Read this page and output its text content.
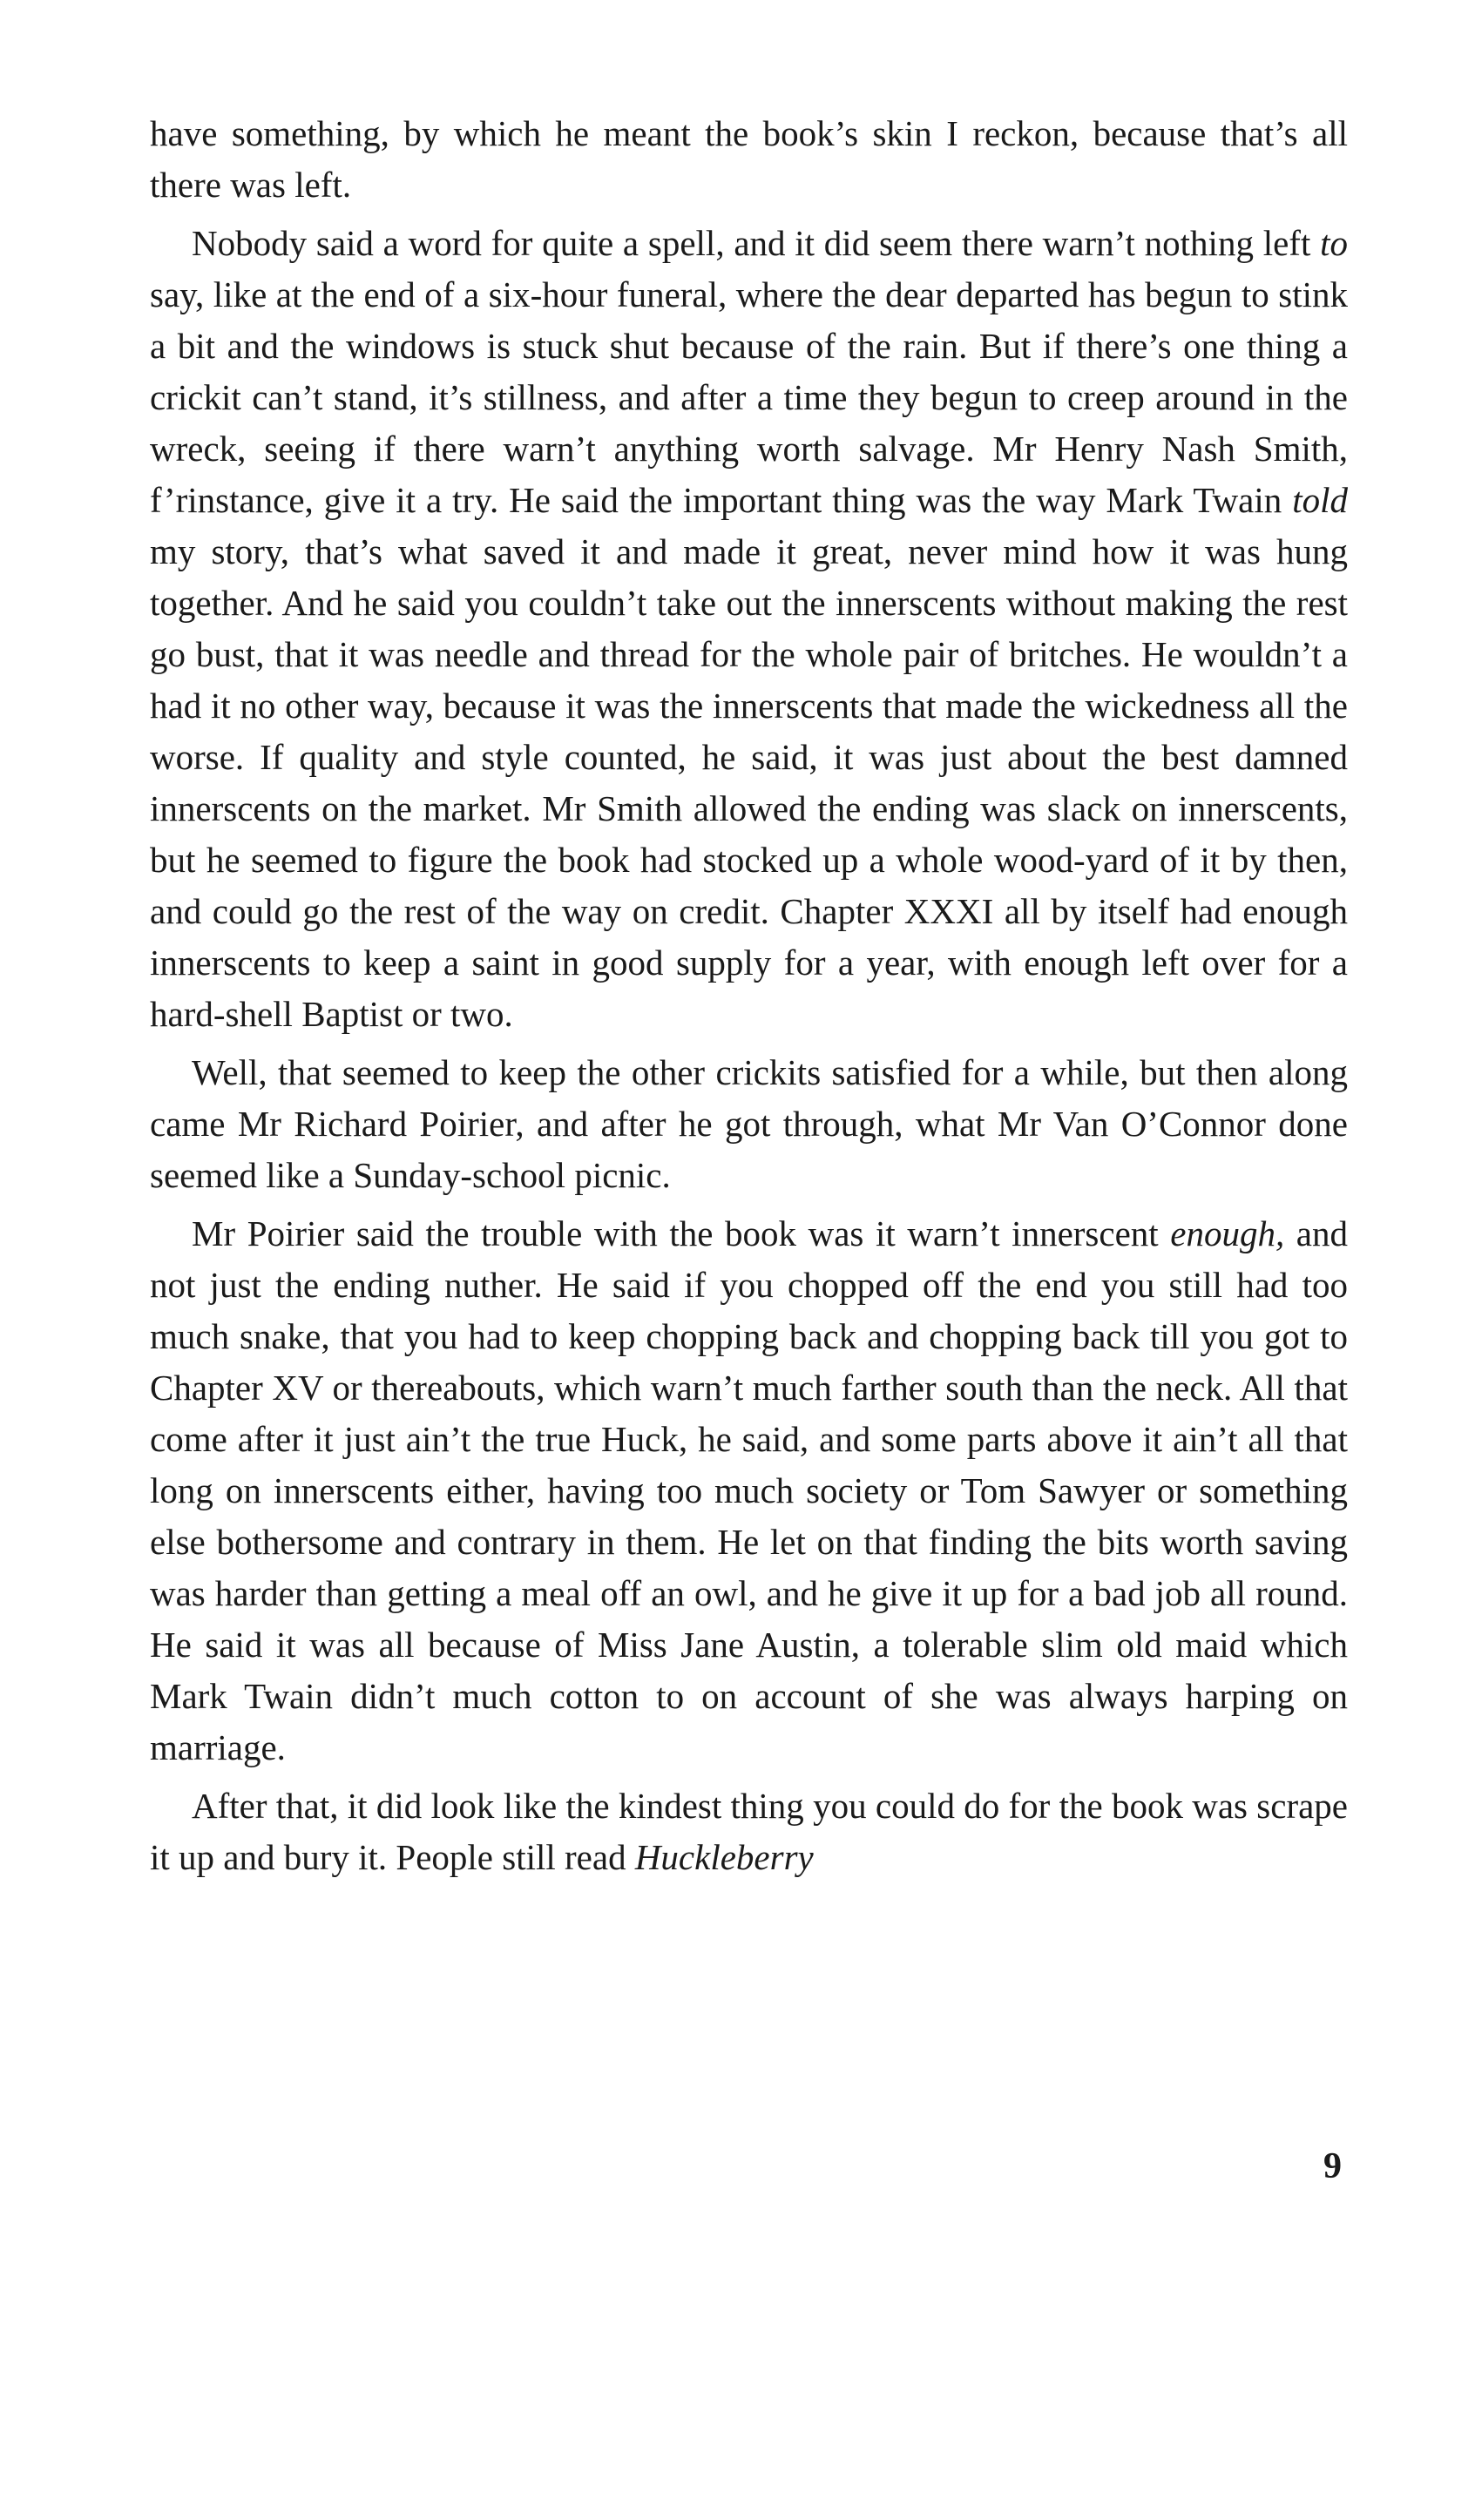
have something, by which he meant the book’s skin I reckon, because that’s all there was left.

Nobody said a word for quite a spell, and it did seem there warn’t nothing left to say, like at the end of a six-hour funeral, where the dear departed has begun to stink a bit and the windows is stuck shut because of the rain. But if there’s one thing a crickit can’t stand, it’s stillness, and after a time they begun to creep around in the wreck, seeing if there warn’t anything worth salvage. Mr Henry Nash Smith, f’rinstance, give it a try. He said the important thing was the way Mark Twain told my story, that’s what saved it and made it great, never mind how it was hung together. And he said you couldn’t take out the innerscents without making the rest go bust, that it was needle and thread for the whole pair of britches. He wouldn’t a had it no other way, because it was the innerscents that made the wickedness all the worse. If quality and style counted, he said, it was just about the best damned innerscents on the market. Mr Smith allowed the ending was slack on innerscents, but he seemed to figure the book had stocked up a whole wood-yard of it by then, and could go the rest of the way on credit. Chapter XXXI all by itself had enough innerscents to keep a saint in good supply for a year, with enough left over for a hard-shell Baptist or two.

Well, that seemed to keep the other crickits satisfied for a while, but then along came Mr Richard Poirier, and after he got through, what Mr Van O’Connor done seemed like a Sunday-school picnic.

Mr Poirier said the trouble with the book was it warn’t innerscent enough, and not just the ending nuther. He said if you chopped off the end you still had too much snake, that you had to keep chopping back and chopping back till you got to Chapter XV or thereabouts, which warn’t much farther south than the neck. All that come after it just ain’t the true Huck, he said, and some parts above it ain’t all that long on innerscents either, having too much society or Tom Sawyer or something else bothersome and contrary in them. He let on that finding the bits worth saving was harder than getting a meal off an owl, and he give it up for a bad job all round. He said it was all because of Miss Jane Austin, a tolerable slim old maid which Mark Twain didn’t much cotton to on account of she was always harping on marriage.

After that, it did look like the kindest thing you could do for the book was scrape it up and bury it. People still read Huckleberry

9
